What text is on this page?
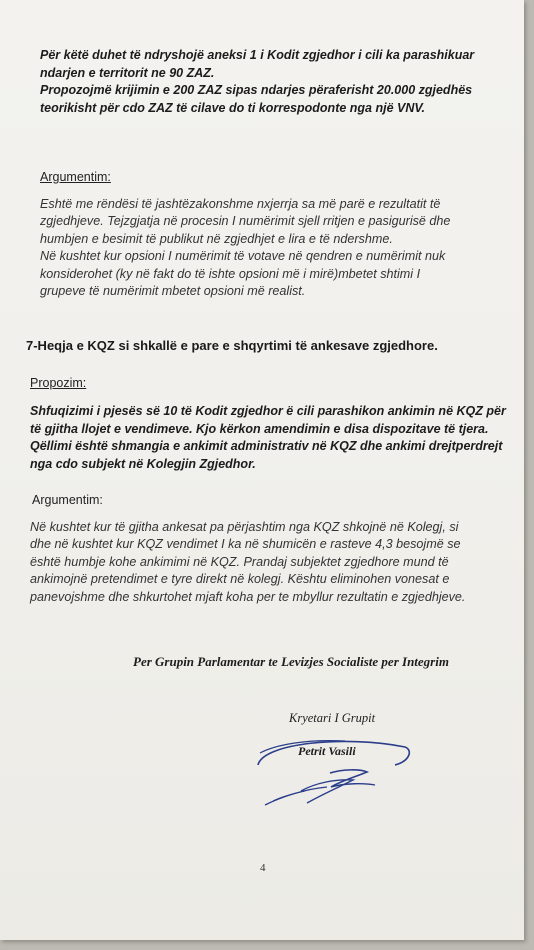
Për këtë duhet të ndryshojë aneksi 1 i Kodit zgjedhor i cili ka parashikuar
ndarjen e territorit ne 90 ZAZ.
Propozojmë krijimin e 200 ZAZ sipas ndarjes përaferisht 20.000 zgjedhës
teorikisht për cdo ZAZ të cilave do ti korrespodonte nga një VNV.
Argumentim:
Eshtë me rëndësi të jashtëzakonshme nxjerrja sa më parë e rezultatit të
zgjedhjeve. Tejzgjatja në procesin I numërimit sjell rritjen e pasigurisë dhe
humbjen e besimit të publikut në zgjedhjet e lira e të ndershme.
Në kushtet kur opsioni I numërimit të votave në qendren e numërimit nuk
konsiderohet (ky në fakt do të ishte opsioni më i mirë)mbetet shtimi I
grupeve të numërimit mbetet opsioni më realist.
7-Heqja e KQZ si shkallë e pare e shqyrtimi të ankesave zgjedhore.
Propozim:
Shfuqizimi i pjesës së 10 të Kodit zgjedhor ë cili parashikon ankimin në KQZ për
të gjitha llojet e vendimeve. Kjo kërkon amendimin e disa dispozitave të tjera.
Qëllimi është shmangia e ankimit administrativ në KQZ dhe ankimi drejtperdrejt
nga cdo subjekt në Kolegjin Zgjedhor.
Argumentim:
Në kushtet kur të gjitha ankesat pa përjashtim nga KQZ shkojnë në Kolegj, si
dhe në kushtet kur KQZ vendimet I ka në shumicën e rasteve 4,3 besojmë se
është humbje kohe ankimimi në KQZ. Prandaj subjektet zgjedhore mund të
ankimojnë pretendimet e tyre direkt në kolegj. Kështu eliminohen vonesat e
panevojshme dhe shkurtohet mjaft koha per te mbyllur rezultatin e zgjedhjeve.
Per Grupin Parlamentar te Levizjes Socialiste per Integrim
Kryetari I Grupit
Petrit Vasili
4
